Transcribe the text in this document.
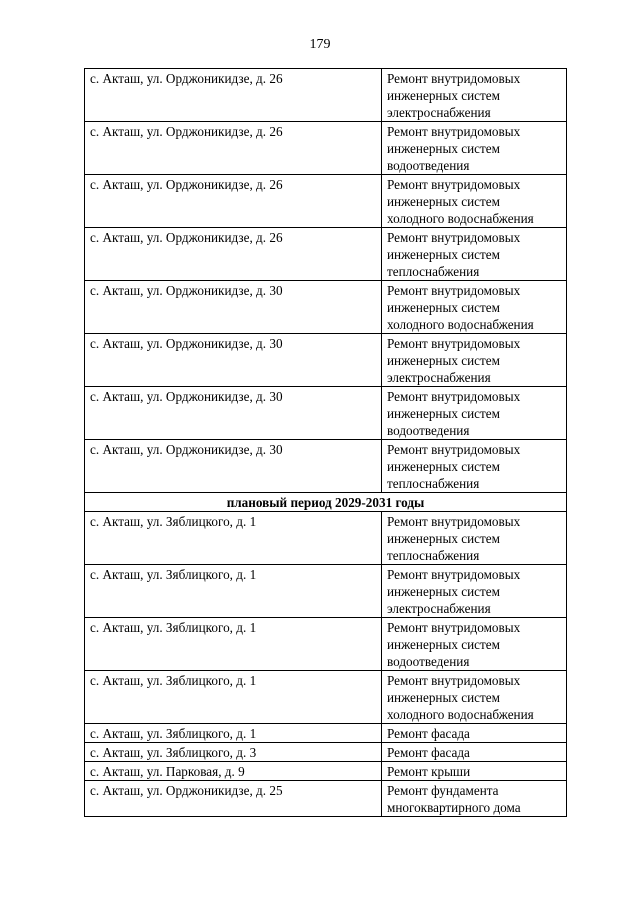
179
с. Акташ, ул. Орджоникидзе, д. 26	Ремонт внутридомовых
инженерных систем
электроснабжения

с. Акташ, ул. Орджоникидзе, д. 26	Ремонт внутридомовых
инженерных систем
водоотведения

с. Акташ, ул. Орджоникидзе, д. 26	Ремонт внутридомовых
инженерных систем
холодного водоснабжения

с. Акташ, ул. Орджоникидзе, д. 26	Ремонт внутридомовых
инженерных систем
теплоснабжения

с. Акташ, ул. Орджоникидзе, д. 30	Ремонт внутридомовых
инженерных систем
холодного водоснабжения

с. Акташ, ул. Орджоникидзе, д. 30	Ремонт внутридомовых
инженерных систем
электроснабжения

с. Акташ, ул. Орджоникидзе, д. 30	Ремонт внутридомовых
инженерных систем
водоотведения

с. Акташ, ул. Орджоникидзе, д. 30	Ремонт внутридомовых
инженерных систем
теплоснабжения

плановый период 2029-2031 годы	
с. Акташ, ул. Зяблицкого, д. 1	Ремонт внутридомовых
инженерных систем
теплоснабжения

с. Акташ, ул. Зяблицкого, д. 1	Ремонт внутридомовых
инженерных систем
электроснабжения

с. Акташ, ул. Зяблицкого, д. 1	Ремонт внутридомовых
инженерных систем
водоотведения

с. Акташ, ул. Зяблицкого, д. 1	Ремонт внутридомовых
инженерных систем
холодного водоснабжения

с. Акташ, ул. Зяблицкого, д. 1	Ремонт фасада

с. Акташ, ул. Зяблицкого, д. 3	Ремонт фасада

с. Акташ, ул. Парковая, д. 9	Ремонт крыши

с. Акташ, ул. Орджоникидзе, д. 25	Ремонт фундамента
многоквартирного дома
